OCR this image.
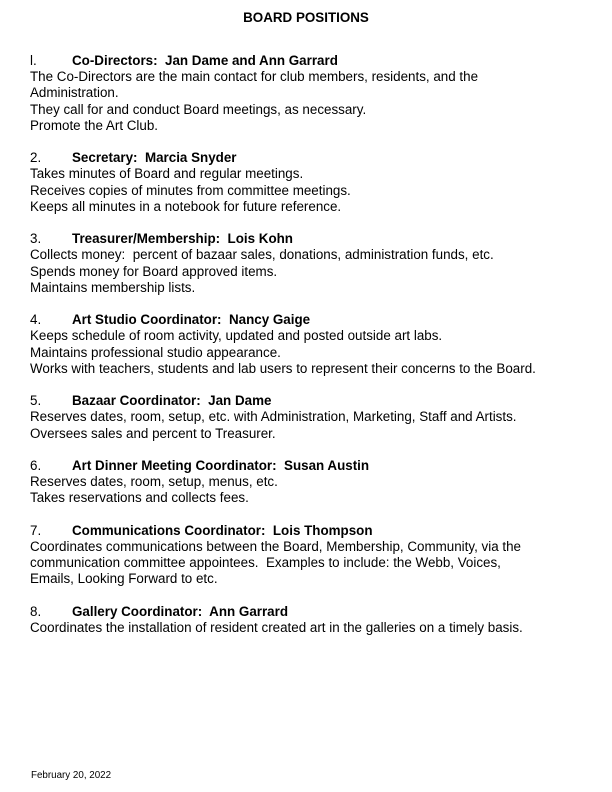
BOARD POSITIONS
l.	Co-Directors:  Jan Dame and Ann Garrard
The Co-Directors are the main contact for club members, residents, and the
Administration.
They call for and conduct Board meetings, as necessary.
Promote the Art Club.
2.	Secretary:  Marcia Snyder
Takes minutes of Board and regular meetings.
Receives copies of minutes from committee meetings.
Keeps all minutes in a notebook for future reference.
3.	Treasurer/Membership:  Lois Kohn
Collects money:  percent of bazaar sales, donations, administration funds, etc.
Spends money for Board approved items.
Maintains membership lists.
4.	Art Studio Coordinator:  Nancy Gaige
Keeps schedule of room activity, updated and posted outside art labs.
Maintains professional studio appearance.
Works with teachers, students and lab users to represent their concerns to the Board.
5.	Bazaar Coordinator:  Jan Dame
Reserves dates, room, setup, etc. with Administration, Marketing, Staff and Artists.
Oversees sales and percent to Treasurer.
6.	Art Dinner Meeting Coordinator:  Susan Austin
Reserves dates, room, setup, menus, etc.
Takes reservations and collects fees.
7.	Communications Coordinator:  Lois Thompson
Coordinates communications between the Board, Membership, Community, via the
communication committee appointees.  Examples to include: the Webb, Voices,
Emails, Looking Forward to etc.
8.	Gallery Coordinator:  Ann Garrard
Coordinates the installation of resident created art in the galleries on a timely basis.
February 20, 2022
